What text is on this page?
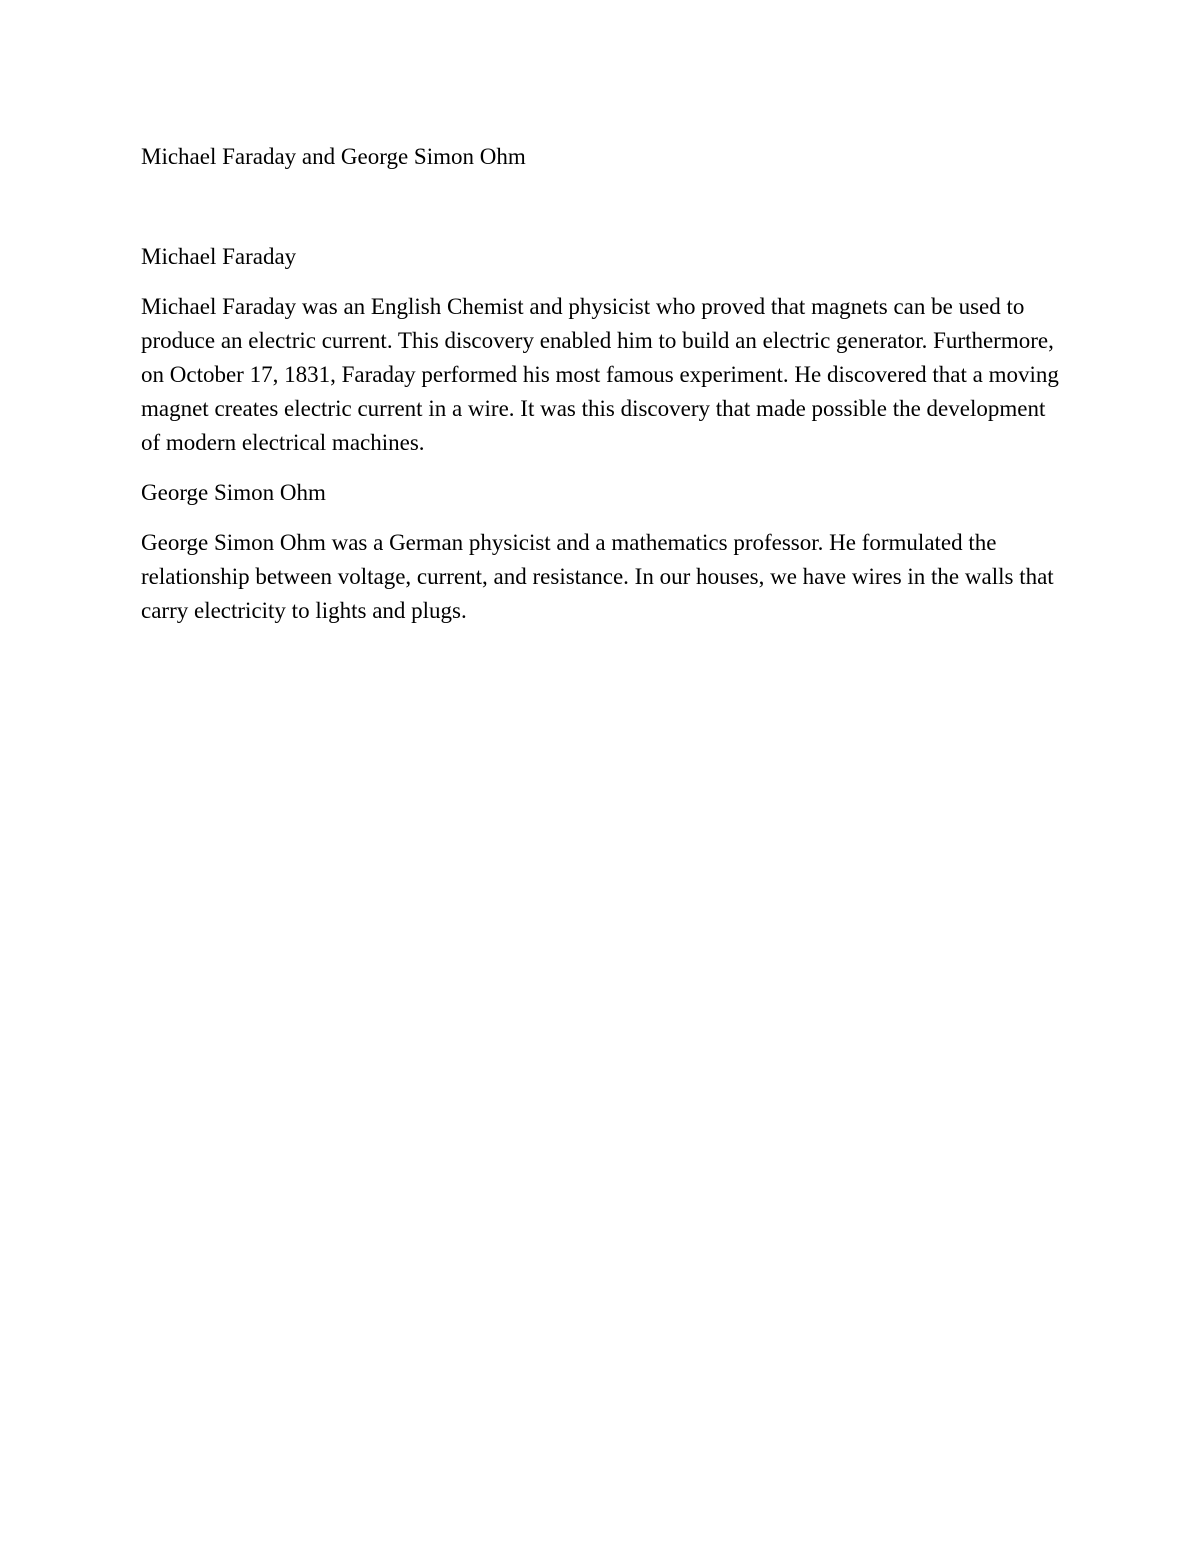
Michael Faraday and George Simon Ohm
Michael Faraday

Michael Faraday was an English Chemist and physicist who proved that magnets can be used to produce an electric current. This discovery enabled him to build an electric generator. Furthermore, on October 17, 1831, Faraday performed his most famous experiment. He discovered that a moving magnet creates electric current in a wire. It was this discovery that made possible the development of modern electrical machines.

George Simon Ohm

George Simon Ohm was a German physicist and a mathematics professor. He formulated the relationship between voltage, current, and resistance. In our houses, we have wires in the walls that carry electricity to lights and plugs.
